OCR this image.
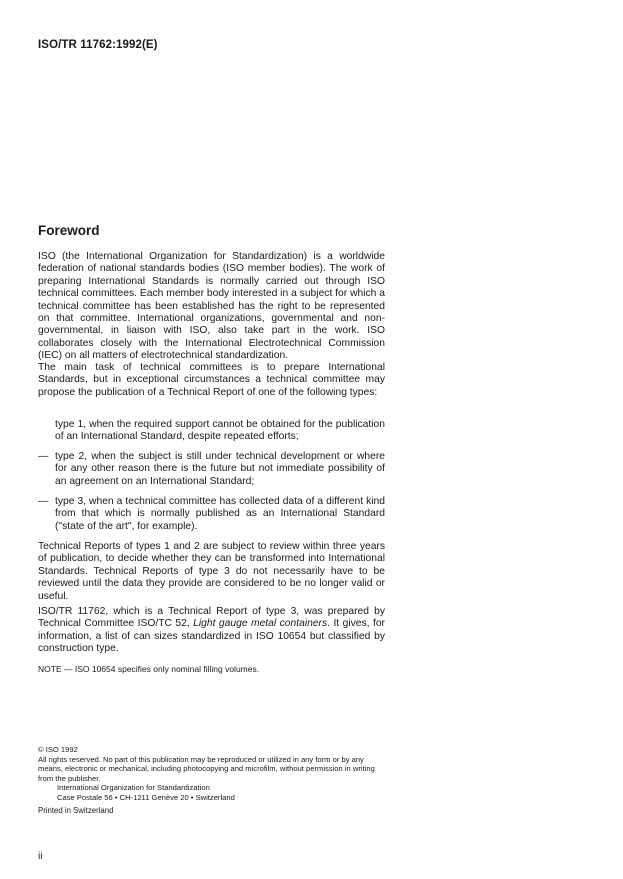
ISO/TR 11762:1992(E)
Foreword
ISO (the International Organization for Standardization) is a worldwide federation of national standards bodies (ISO member bodies). The work of preparing International Standards is normally carried out through ISO technical committees. Each member body interested in a subject for which a technical committee has been established has the right to be represented on that committee. International organizations, governmental and non-governmental, in liaison with ISO, also take part in the work. ISO collaborates closely with the International Electrotechnical Commission (IEC) on all matters of electrotechnical standardization.
The main task of technical committees is to prepare International Standards, but in exceptional circumstances a technical committee may propose the publication of a Technical Report of one of the following types:
type 1, when the required support cannot be obtained for the publication of an International Standard, despite repeated efforts;
— type 2, when the subject is still under technical development or where for any other reason there is the future but not immediate possibility of an agreement on an International Standard;
— type 3, when a technical committee has collected data of a different kind from that which is normally published as an International Standard ("state of the art", for example).
Technical Reports of types 1 and 2 are subject to review within three years of publication, to decide whether they can be transformed into International Standards. Technical Reports of type 3 do not necessarily have to be reviewed until the data they provide are considered to be no longer valid or useful.
ISO/TR 11762, which is a Technical Report of type 3, was prepared by Technical Committee ISO/TC 52, Light gauge metal containers. It gives, for information, a list of can sizes standardized in ISO 10654 but classified by construction type.
NOTE — ISO 10654 specifies only nominal filling volumes.
© ISO 1992
All rights reserved. No part of this publication may be reproduced or utilized in any form or by any means, electronic or mechanical, including photocopying and microfilm, without permission in writing from the publisher.
International Organization for Standardization
Case Postale 56 • CH-1211 Genève 20 • Switzerland
Printed in Switzerland
ii
